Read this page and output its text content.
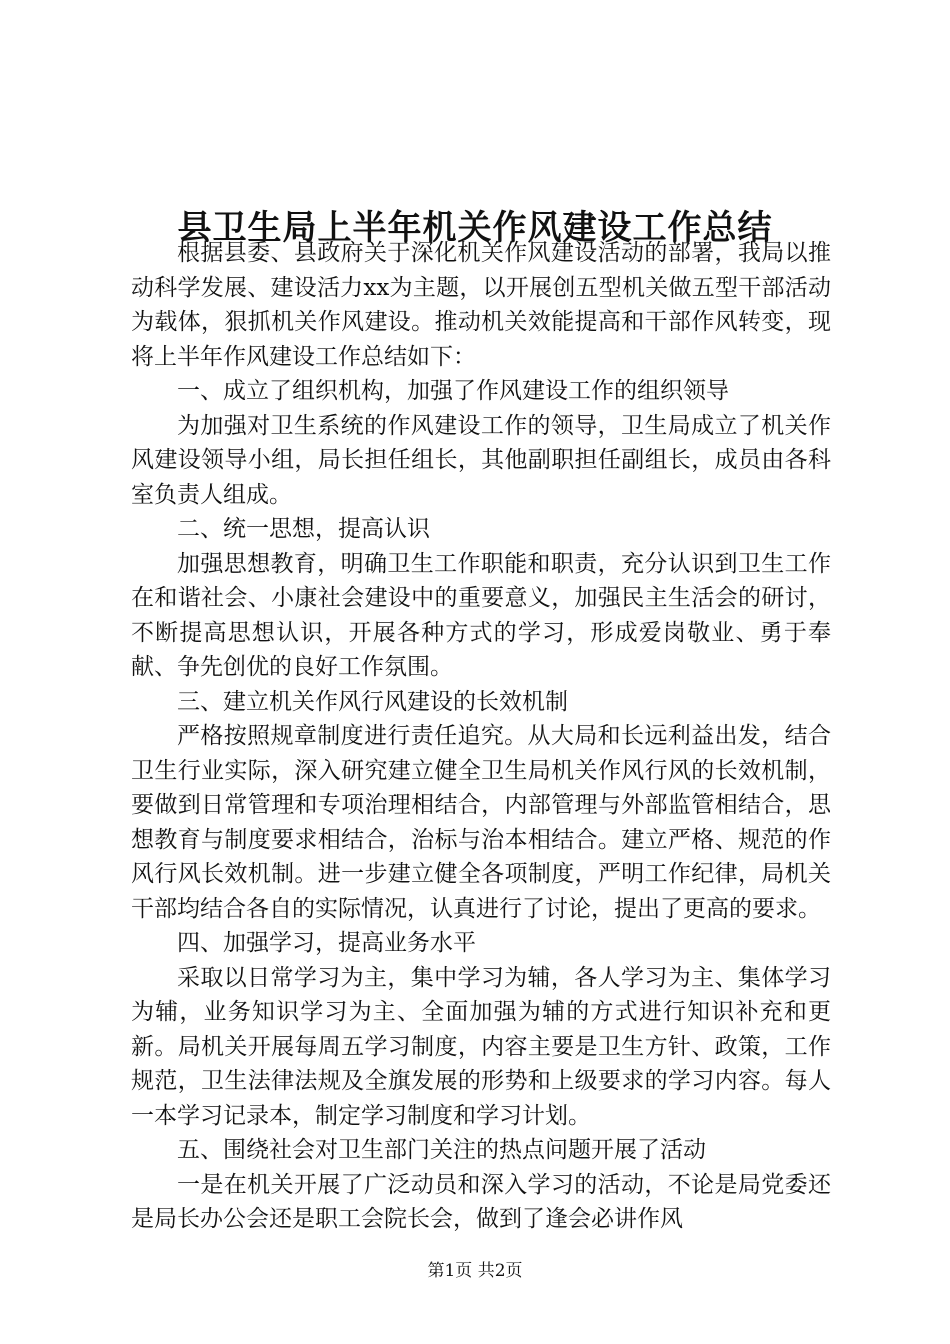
县卫生局上半年机关作风建设工作总结

根据县委、县政府关于深化机关作风建设活动的部署，我局以推动科学发展、建设活力xx为主题，以开展创五型机关做五型干部活动为载体，狠抓机关作风建设。推动机关效能提高和干部作风转变，现将上半年作风建设工作总结如下：

一、成立了组织机构，加强了作风建设工作的组织领导

为加强对卫生系统的作风建设工作的领导，卫生局成立了机关作风建设领导小组，局长担任组长，其他副职担任副组长，成员由各科室负责人组成。

二、统一思想，提高认识

加强思想教育，明确卫生工作职能和职责，充分认识到卫生工作在和谐社会、小康社会建设中的重要意义，加强民主生活会的研讨，不断提高思想认识，开展各种方式的学习，形成爱岗敬业、勇于奉献、争先创优的良好工作氛围。

三、建立机关作风行风建设的长效机制

严格按照规章制度进行责任追究。从大局和长远利益出发，结合卫生行业实际，深入研究建立健全卫生局机关作风行风的长效机制，要做到日常管理和专项治理相结合，内部管理与外部监管相结合，思想教育与制度要求相结合，治标与治本相结合。建立严格、规范的作风行风长效机制。进一步建立健全各项制度，严明工作纪律，局机关干部均结合各自的实际情况，认真进行了讨论，提出了更高的要求。

四、加强学习，提高业务水平

采取以日常学习为主，集中学习为辅，各人学习为主、集体学习为辅，业务知识学习为主、全面加强为辅的方式进行知识补充和更新。局机关开展每周五学习制度，内容主要是卫生方针、政策，工作规范，卫生法律法规及全旗发展的形势和上级要求的学习内容。每人一本学习记录本，制定学习制度和学习计划。

五、围绕社会对卫生部门关注的热点问题开展了活动

一是在机关开展了广泛动员和深入学习的活动，不论是局党委还是局长办公会还是职工会院长会，做到了逢会必讲作风

第1页 共2页
